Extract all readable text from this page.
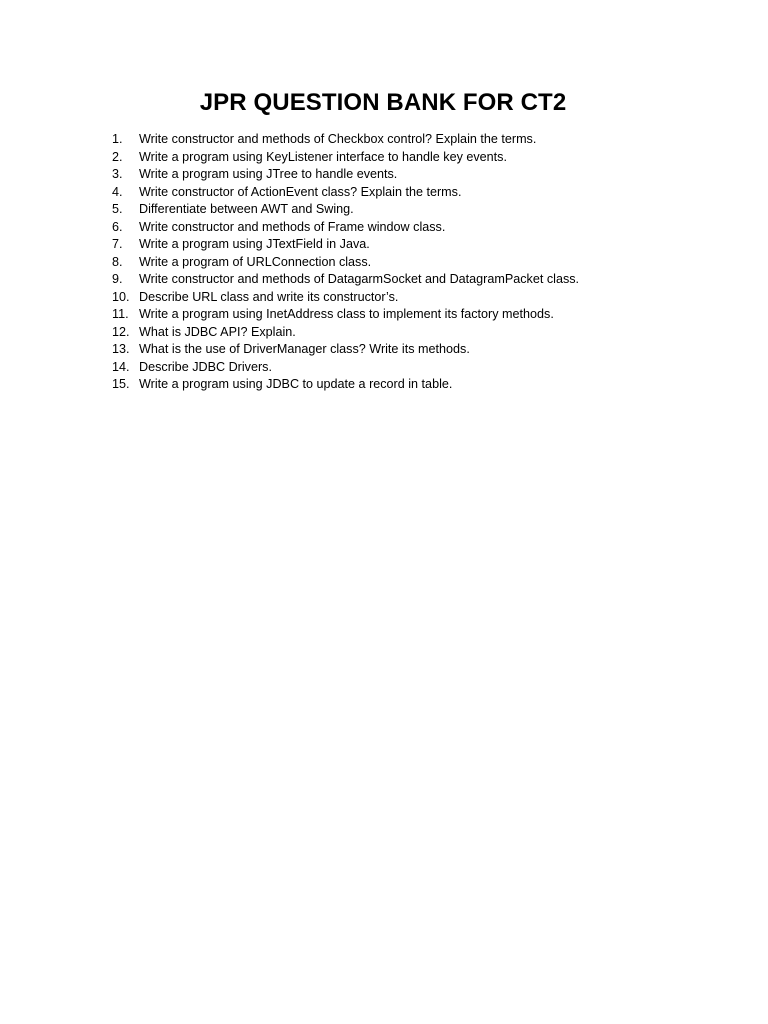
JPR QUESTION BANK FOR CT2
1.	Write constructor and methods of Checkbox control? Explain the terms.
2.	Write a program using KeyListener interface to handle key events.
3.	Write a program using JTree to handle events.
4.	Write constructor of ActionEvent class? Explain the terms.
5.	Differentiate between AWT and Swing.
6.	Write constructor and methods of Frame window class.
7.	Write a program using JTextField in Java.
8.	Write a program of URLConnection class.
9.	Write constructor and methods of DatagarmSocket and DatagramPacket class.
10. Describe URL class and write its constructor’s.
11. Write a program using InetAddress class to implement its factory methods.
12. What is JDBC API? Explain.
13. What is the use of DriverManager class? Write its methods.
14. Describe JDBC Drivers.
15. Write a program using JDBC to update a record in table.
